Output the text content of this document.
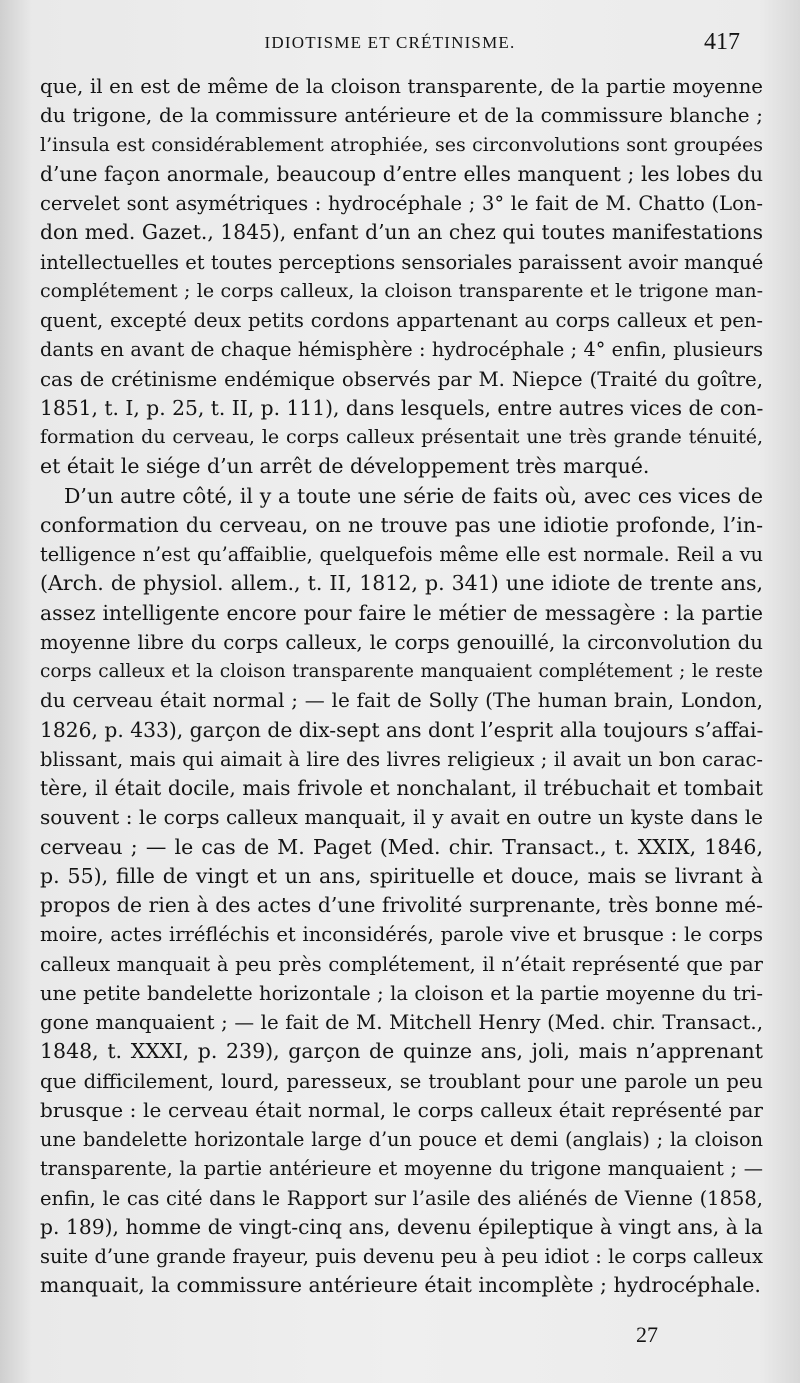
IDIOTISME ET CRÉTINISME.	417
que, il en est de même de la cloison transparente, de la partie moyenne
du trigone, de la commissure antérieure et de la commissure blanche ;
l’insula est considérablement atrophiée, ses circonvolutions sont groupées
d’une façon anormale, beaucoup d’entre elles manquent ; les lobes du
cervelet sont asymétriques : hydrocéphale ; 3° le fait de M. Chatto (Lon-
don med. Gazet., 1845), enfant d’un an chez qui toutes manifestations
intellectuelles et toutes perceptions sensoriales paraissent avoir manqué
complétement ; le corps calleux, la cloison transparente et le trigone man-
quent, excepté deux petits cordons appartenant au corps calleux et pen-
dants en avant de chaque hémisphère : hydrocéphale ; 4° enfin, plusieurs
cas de crétinisme endémique observés par M. Niepce (Traité du goître,
1851, t. I, p. 25, t. II, p. 111), dans lesquels, entre autres vices de con-
formation du cerveau, le corps calleux présentait une très grande ténuité,
et était le siége d’un arrêt de développement très marqué.
D’un autre côté, il y a toute une série de faits où, avec ces vices de
conformation du cerveau, on ne trouve pas une idiotie profonde, l’in-
telligence n’est qu’affaiblie, quelquefois même elle est normale. Reil a vu
(Arch. de physiol. allem., t. II, 1812, p. 341) une idiote de trente ans,
assez intelligente encore pour faire le métier de messagère : la partie
moyenne libre du corps calleux, le corps genouillé, la circonvolution du
corps calleux et la cloison transparente manquaient complétement ; le reste
du cerveau était normal ; — le fait de Solly (The human brain, London,
1826, p. 433), garçon de dix-sept ans dont l’esprit alla toujours s’affai-
blissant, mais qui aimait à lire des livres religieux ; il avait un bon carac-
tère, il était docile, mais frivole et nonchalant, il trébuchait et tombait
souvent : le corps calleux manquait, il y avait en outre un kyste dans le
cerveau ; — le cas de M. Paget (Med. chir. Transact., t. XXIX, 1846,
p. 55), fille de vingt et un ans, spirituelle et douce, mais se livrant à
propos de rien à des actes d’une frivolité surprenante, très bonne mé-
moire, actes irréfléchis et inconsidérés, parole vive et brusque : le corps
calleux manquait à peu près complétement, il n’était représenté que par
une petite bandelette horizontale ; la cloison et la partie moyenne du tri-
gone manquaient ; — le fait de M. Mitchell Henry (Med. chir. Transact.,
1848, t. XXXI, p. 239), garçon de quinze ans, joli, mais n’apprenant
que difficilement, lourd, paresseux, se troublant pour une parole un peu
brusque : le cerveau était normal, le corps calleux était représenté par
une bandelette horizontale large d’un pouce et demi (anglais) ; la cloison
transparente, la partie antérieure et moyenne du trigone manquaient ; —
enfin, le cas cité dans le Rapport sur l’asile des aliénés de Vienne (1858,
p. 189), homme de vingt-cinq ans, devenu épileptique à vingt ans, à la
suite d’une grande frayeur, puis devenu peu à peu idiot : le corps calleux
manquait, la commissure antérieure était incomplète ; hydrocéphale.
27
